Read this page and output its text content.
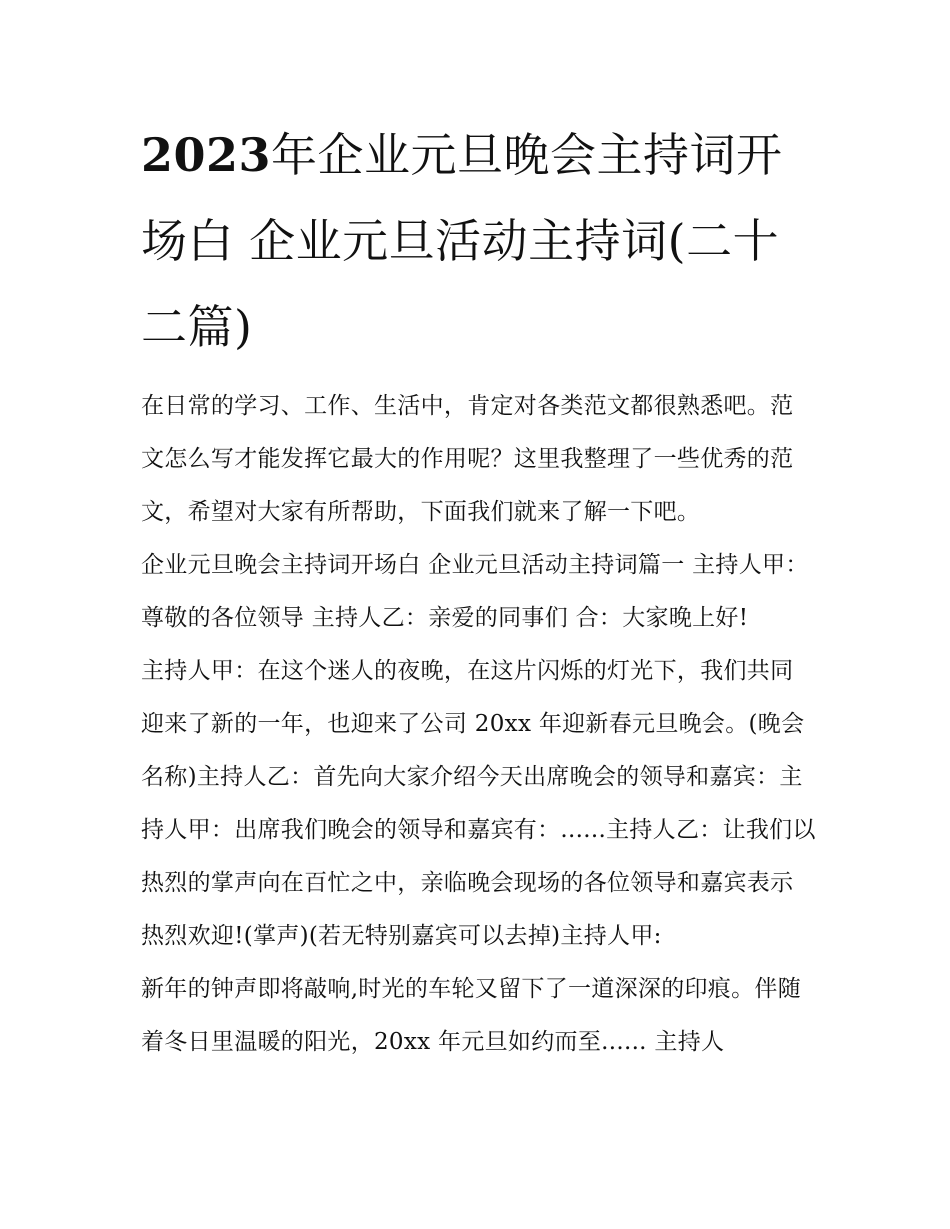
2023年企业元旦晚会主持词开场白 企业元旦活动主持词(二十二篇)

在日常的学习、工作、生活中，肯定对各类范文都很熟悉吧。范文怎么写才能发挥它最大的作用呢？这里我整理了一些优秀的范文，希望对大家有所帮助，下面我们就来了解一下吧。

企业元旦晚会主持词开场白 企业元旦活动主持词篇一 主持人甲：尊敬的各位领导 主持人乙：亲爱的同事们 合：大家晚上好!

主持人甲：在这个迷人的夜晚，在这片闪烁的灯光下，我们共同迎来了新的一年，也迎来了公司 20xx 年迎新春元旦晚会。(晚会名称)主持人乙：首先向大家介绍今天出席晚会的领导和嘉宾：主持人甲：出席我们晚会的领导和嘉宾有：......主持人乙：让我们以热烈的掌声向在百忙之中，亲临晚会现场的各位领导和嘉宾表示热烈欢迎!(掌声)(若无特别嘉宾可以去掉)主持人甲:

新年的钟声即将敲响,时光的车轮又留下了一道深深的印痕。伴随着冬日里温暖的阳光，20xx 年元旦如约而至...... 主持人
